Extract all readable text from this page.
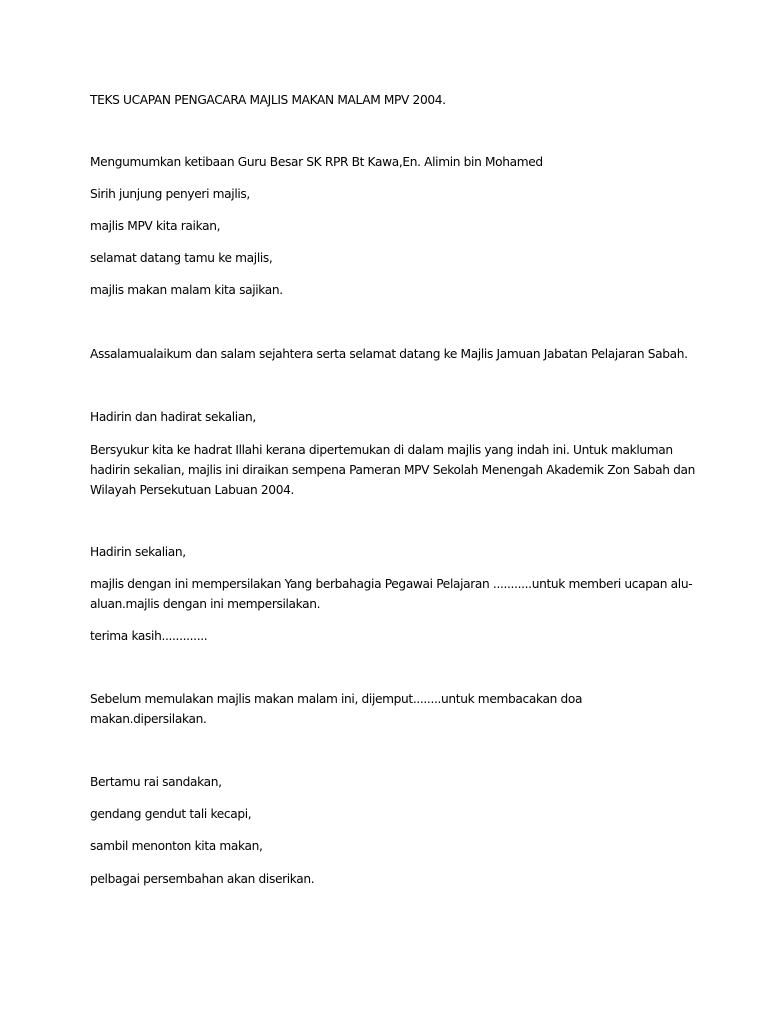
TEKS UCAPAN PENGACARA MAJLIS MAKAN MALAM MPV 2004.
Mengumumkan ketibaan Guru Besar SK RPR Bt Kawa,En. Alimin bin Mohamed
Sirih junjung penyeri majlis,
majlis MPV kita raikan,
selamat datang tamu ke majlis,
majlis makan malam kita sajikan.
Assalamualaikum dan salam sejahtera serta selamat datang ke Majlis Jamuan Jabatan Pelajaran Sabah.
Hadirin dan hadirat sekalian,
Bersyukur kita ke hadrat Illahi kerana dipertemukan di dalam majlis yang indah ini. Untuk makluman
hadirin sekalian, majlis ini diraikan sempena Pameran MPV Sekolah Menengah Akademik Zon Sabah dan
Wilayah Persekutuan Labuan 2004.
Hadirin sekalian,
majlis dengan ini mempersilakan Yang berbahagia Pegawai Pelajaran ...........untuk memberi ucapan alu-
aluan.majlis dengan ini mempersilakan.
terima kasih.............
Sebelum memulakan majlis makan malam ini, dijemput........untuk membacakan doa
makan.dipersilakan.
Bertamu rai sandakan,
gendang gendut tali kecapi,
sambil menonton kita makan,
pelbagai persembahan akan diserikan.
